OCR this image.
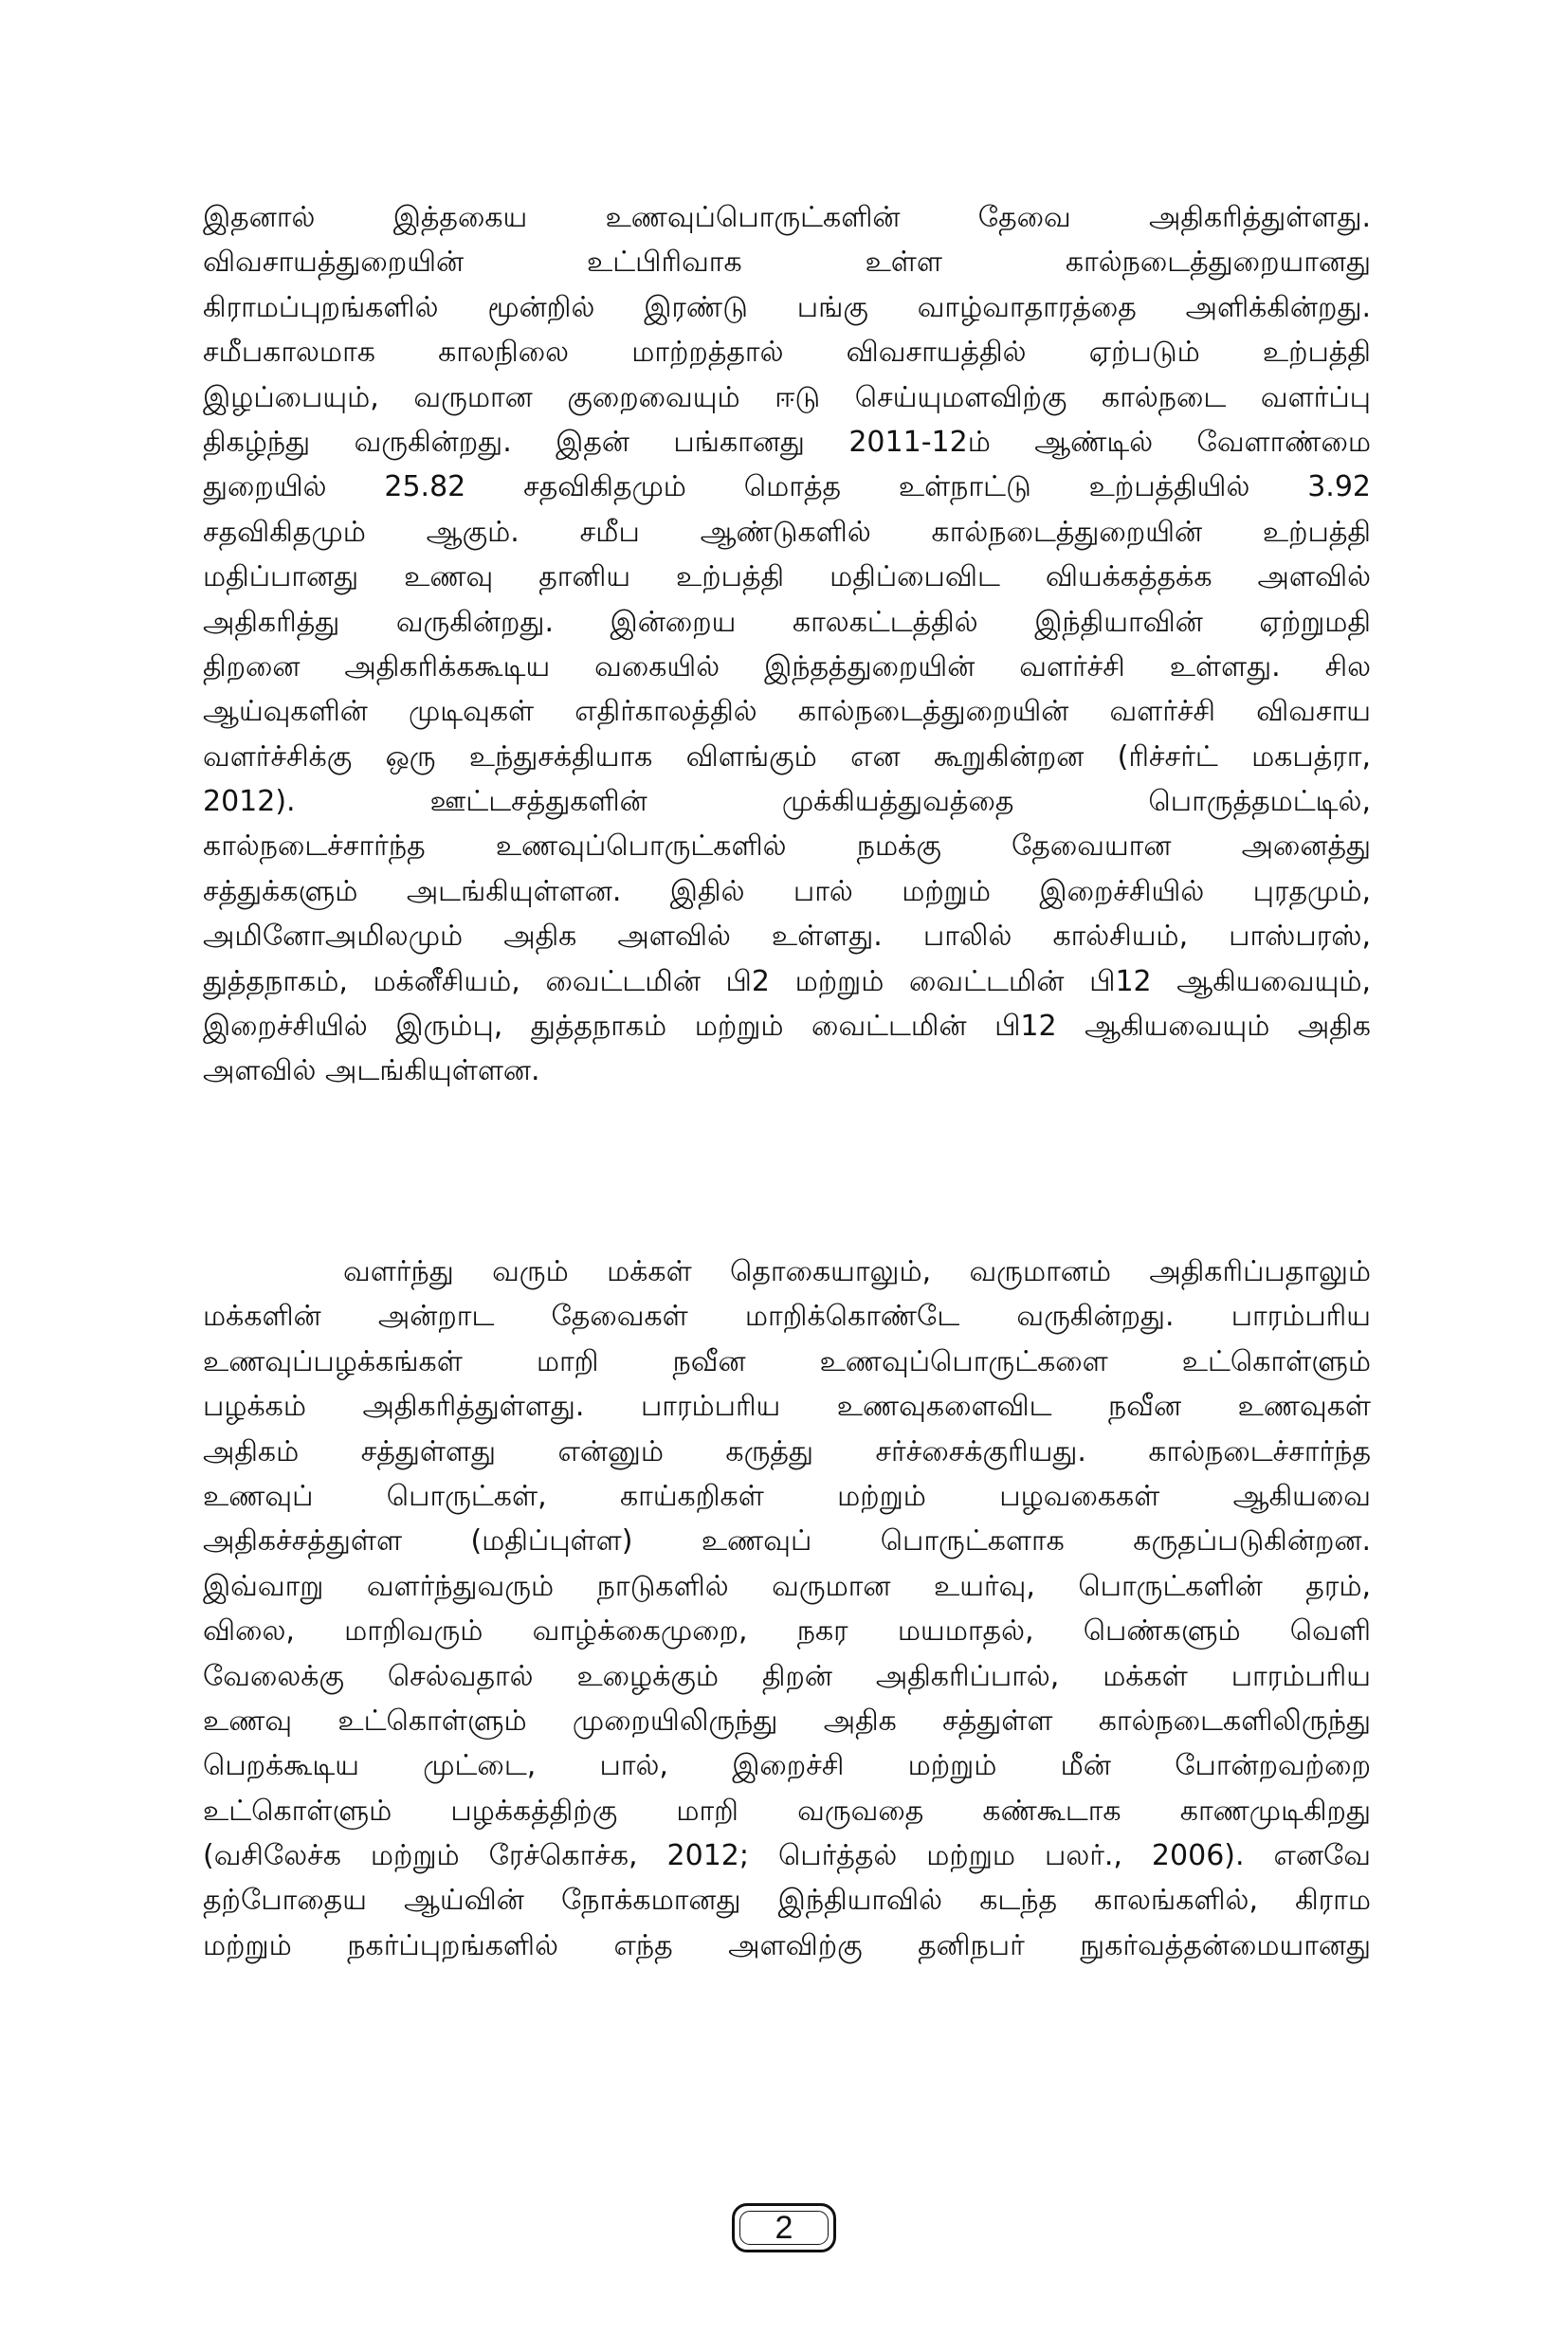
இதனால் இத்தகைய உணவுப்பொருட்களின் தேவை அதிகரித்துள்ளது.
விவசாயத்துறையின் உட்பிரிவாக உள்ள கால்நடைத்துறையானது
கிராமப்புறங்களில் மூன்றில் இரண்டு பங்கு வாழ்வாதாரத்தை அளிக்கின்றது.
சமீபகாலமாக காலநிலை மாற்றத்தால் விவசாயத்தில் ஏற்படும் உற்பத்தி
இழப்பையும், வருமான குறைவையும் ஈடு செய்யுமளவிற்கு கால்நடை வளர்ப்பு
திகழ்ந்து வருகின்றது. இதன் பங்கானது 2011-12ம் ஆண்டில் வேளாண்மை
துறையில் 25.82 சதவிகிதமும் மொத்த உள்நாட்டு உற்பத்தியில் 3.92
சதவிகிதமும் ஆகும். சமீப ஆண்டுகளில் கால்நடைத்துறையின் உற்பத்தி
மதிப்பானது உணவு தானிய உற்பத்தி மதிப்பைவிட வியக்கத்தக்க அளவில்
அதிகரித்து வருகின்றது. இன்றைய காலகட்டத்தில் இந்தியாவின் ஏற்றுமதி
திறனை அதிகரிக்ககூடிய வகையில் இந்தத்துறையின் வளர்ச்சி உள்ளது. சில
ஆய்வுகளின் முடிவுகள் எதிர்காலத்தில் கால்நடைத்துறையின் வளர்ச்சி விவசாய
வளர்ச்சிக்கு ஒரு உந்துசக்தியாக விளங்கும் என கூறுகின்றன (ரிச்சர்ட் மகபத்ரா,
2012). ஊட்டசத்துகளின் முக்கியத்துவத்தை பொருத்தமட்டில்,
கால்நடைச்சார்ந்த உணவுப்பொருட்களில் நமக்கு தேவையான அனைத்து
சத்துக்களும் அடங்கியுள்ளன. இதில் பால் மற்றும் இறைச்சியில் புரதமும்,
அமினோஅமிலமும் அதிக அளவில் உள்ளது. பாலில் கால்சியம், பாஸ்பரஸ்,
துத்தநாகம், மக்னீசியம், வைட்டமின் பி2 மற்றும் வைட்டமின் பி12 ஆகியவையும்,
இறைச்சியில் இரும்பு, துத்தநாகம் மற்றும் வைட்டமின் பி12 ஆகியவையும் அதிக
அளவில் அடங்கியுள்ளன.
வளர்ந்து வரும் மக்கள் தொகையாலும், வருமானம் அதிகரிப்பதாலும்
மக்களின் அன்றாட தேவைகள் மாறிக்கொண்டே வருகின்றது. பாரம்பரிய
உணவுப்பழக்கங்கள் மாறி நவீன உணவுப்பொருட்களை உட்கொள்ளும்
பழக்கம் அதிகரித்துள்ளது. பாரம்பரிய உணவுகளைவிட நவீன உணவுகள்
அதிகம் சத்துள்ளது என்னும் கருத்து சர்ச்சைக்குரியது. கால்நடைச்சார்ந்த
உணவுப் பொருட்கள், காய்கறிகள் மற்றும் பழவகைகள் ஆகியவை
அதிகச்சத்துள்ள (மதிப்புள்ள) உணவுப் பொருட்களாக கருதப்படுகின்றன.
இவ்வாறு வளர்ந்துவரும் நாடுகளில் வருமான உயர்வு, பொருட்களின் தரம்,
விலை, மாறிவரும் வாழ்க்கைமுறை, நகர மயமாதல், பெண்களும் வெளி
வேலைக்கு செல்வதால் உழைக்கும் திறன் அதிகரிப்பால், மக்கள் பாரம்பரிய
உணவு உட்கொள்ளும் முறையிலிருந்து அதிக சத்துள்ள கால்நடைகளிலிருந்து
பெறக்கூடிய முட்டை, பால், இறைச்சி மற்றும் மீன் போன்றவற்றை
உட்கொள்ளும் பழக்கத்திற்கு மாறி வருவதை கண்கூடாக காணமுடிகிறது
(வசிலேச்க மற்றும் ரேச்கொச்க, 2012; பெர்த்தல் மற்றும பலர்., 2006). எனவே
தற்போதைய ஆய்வின் நோக்கமானது இந்தியாவில் கடந்த காலங்களில், கிராம
மற்றும் நகர்ப்புறங்களில் எந்த அளவிற்கு தனிநபர் நுகர்வத்தன்மையானது
2
